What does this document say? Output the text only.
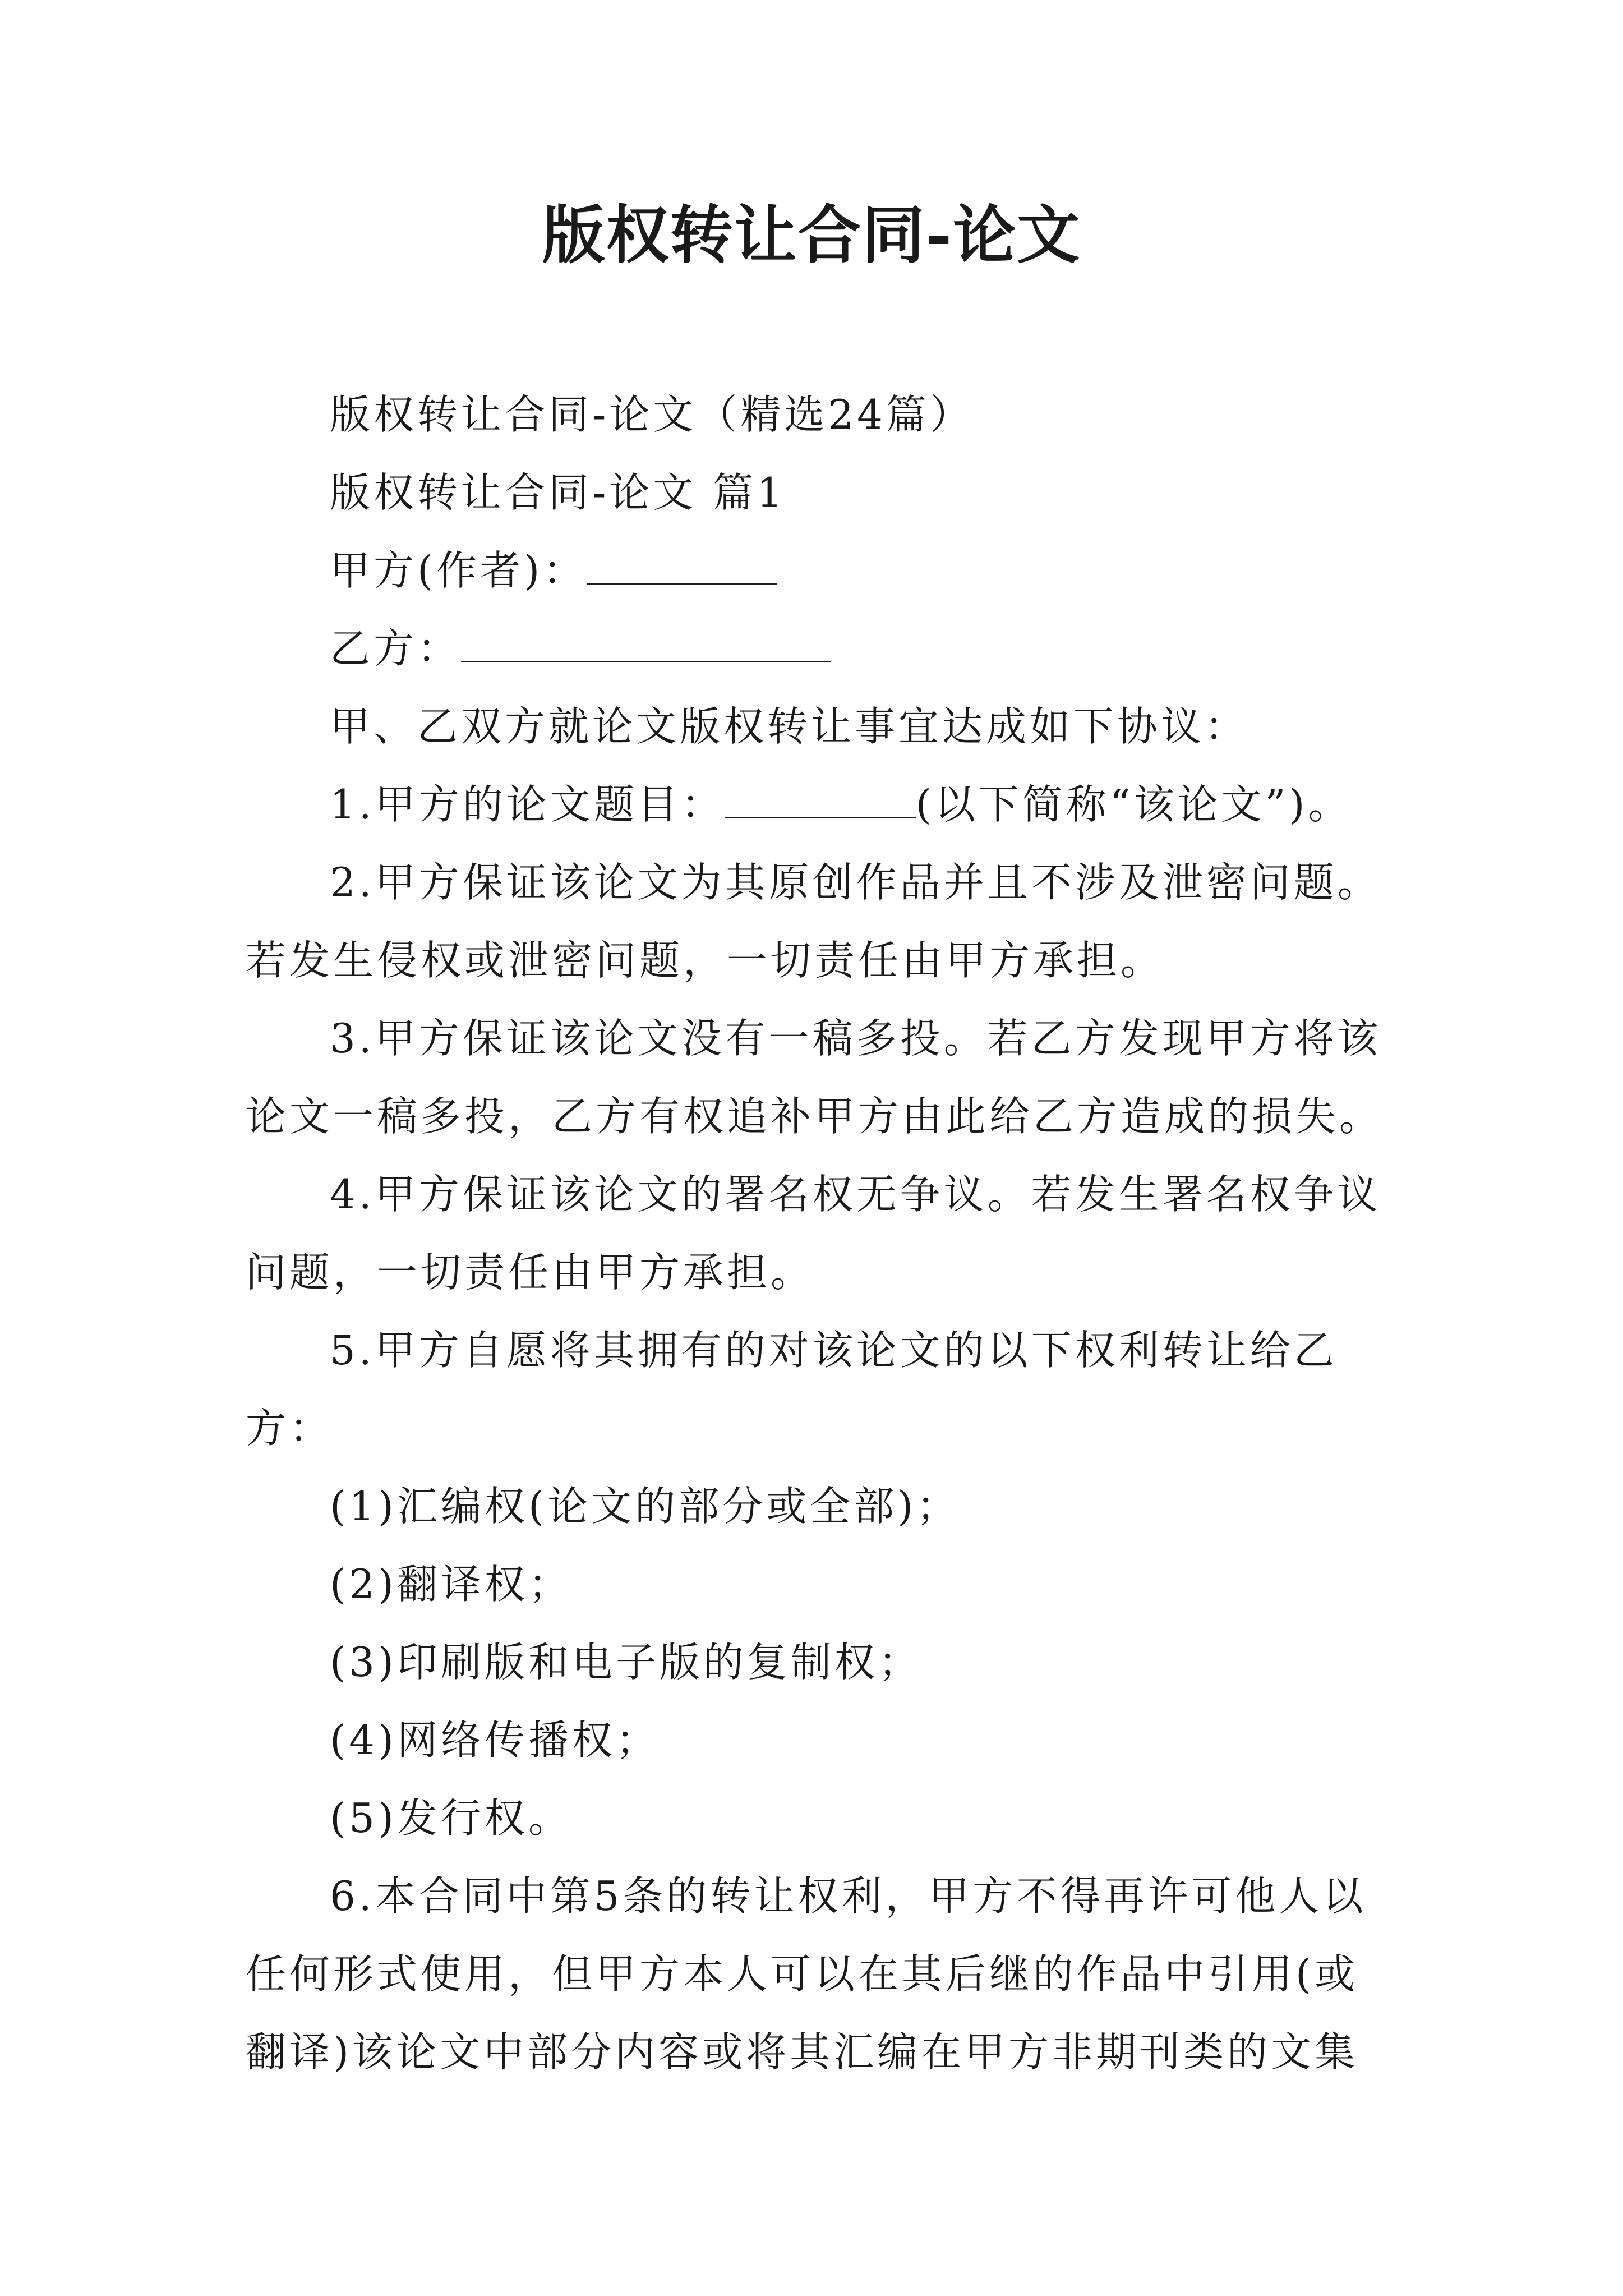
版权转让合同-论文

版权转让合同-论文（精选24篇）

版权转让合同-论文 篇1

甲方(作者)：

乙方：

甲、乙双方就论文版权转让事宜达成如下协议：

1.甲方的论文题目：	(以下简称“该论文”)。

2.甲方保证该论文为其原创作品并且不涉及泄密问题。若发生侵权或泄密问题，一切责任由甲方承担。

3.甲方保证该论文没有一稿多投。若乙方发现甲方将该论文一稿多投，乙方有权追补甲方由此给乙方造成的损失。

4.甲方保证该论文的署名权无争议。若发生署名权争议问题，一切责任由甲方承担。

5.甲方自愿将其拥有的对该论文的以下权利转让给乙方：

(1)汇编权(论文的部分或全部)；

(2)翻译权；

(3)印刷版和电子版的复制权；

(4)网络传播权；

(5)发行权。

6.本合同中第5条的转让权利，甲方不得再许可他人以任何形式使用，但甲方本人可以在其后继的作品中引用(或翻译)该论文中部分内容或将其汇编在甲方非期刊类的文集
